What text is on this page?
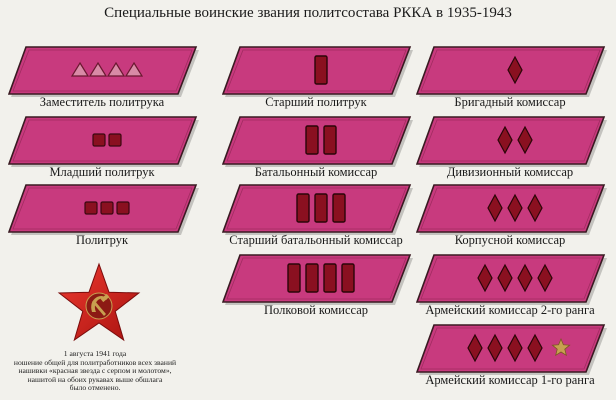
Специальные воинские звания политсостава РККА в 1935-1943
Заместитель политрука
Младший политрук
Политрук
Старший политрук
Батальонный комиссар
Старший батальонный комиссар
Полковой комиссар
Бригадный комиссар
Дивизионный комиссар
Корпусной комиссар
Армейский комиссар 2-го ранга
Армейский комиссар 1-го ранга
1 августа 1941 года
ношение общей для политработников всех званий
нашивки «красная звезда с серпом и молотом»,
нашитой на обоих рукавах выше обшлага
было отменено.
